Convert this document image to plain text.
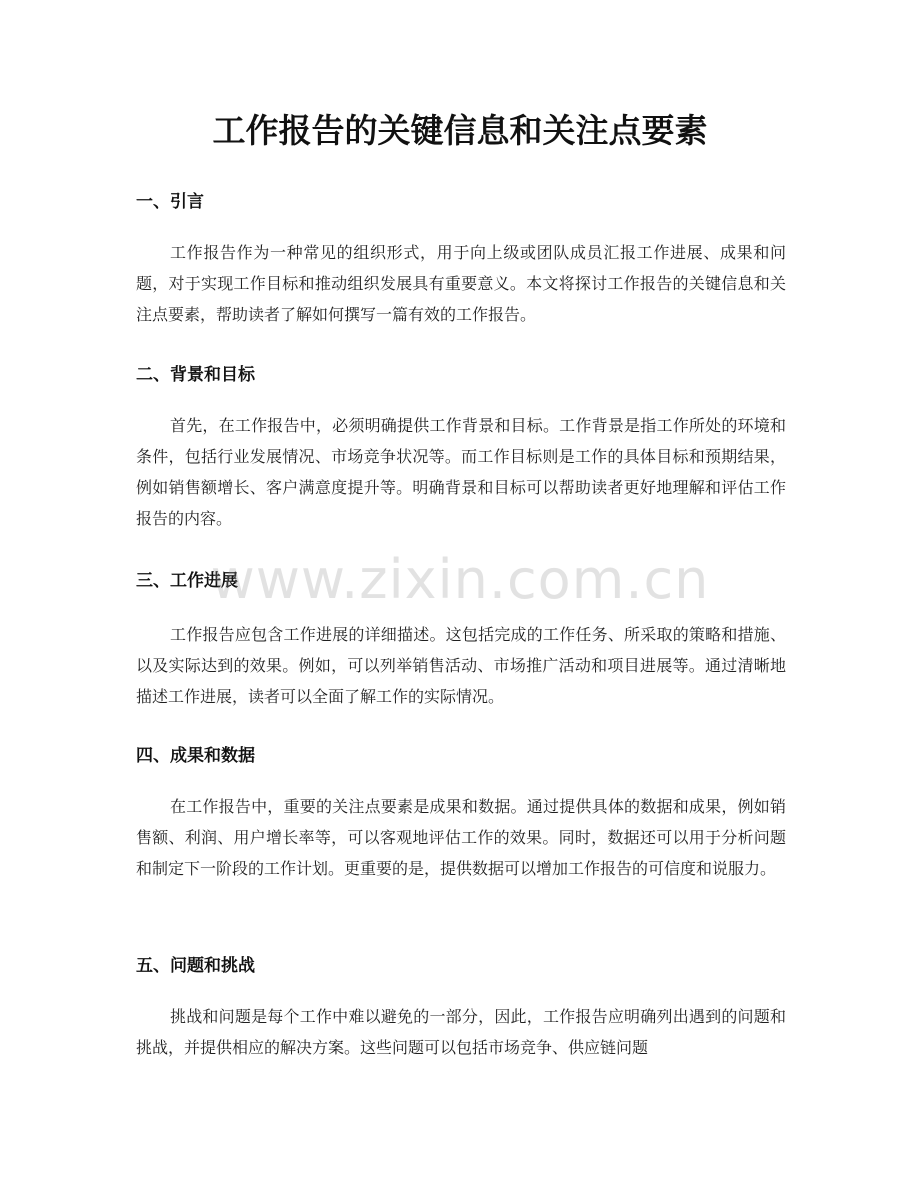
工作报告的关键信息和关注点要素
一、引言
工作报告作为一种常见的组织形式，用于向上级或团队成员汇报工作进展、成果和问题，对于实现工作目标和推动组织发展具有重要意义。本文将探讨工作报告的关键信息和关注点要素，帮助读者了解如何撰写一篇有效的工作报告。
二、背景和目标
首先，在工作报告中，必须明确提供工作背景和目标。工作背景是指工作所处的环境和条件，包括行业发展情况、市场竞争状况等。而工作目标则是工作的具体目标和预期结果，例如销售额增长、客户满意度提升等。明确背景和目标可以帮助读者更好地理解和评估工作报告的内容。
三、工作进展
工作报告应包含工作进展的详细描述。这包括完成的工作任务、所采取的策略和措施、以及实际达到的效果。例如，可以列举销售活动、市场推广活动和项目进展等。通过清晰地描述工作进展，读者可以全面了解工作的实际情况。
四、成果和数据
在工作报告中，重要的关注点要素是成果和数据。通过提供具体的数据和成果，例如销售额、利润、用户增长率等，可以客观地评估工作的效果。同时，数据还可以用于分析问题和制定下一阶段的工作计划。更重要的是，提供数据可以增加工作报告的可信度和说服力。
五、问题和挑战
挑战和问题是每个工作中难以避免的一部分，因此，工作报告应明确列出遇到的问题和挑战，并提供相应的解决方案。这些问题可以包括市场竞争、供应链问题
www.zixin.com.cn
